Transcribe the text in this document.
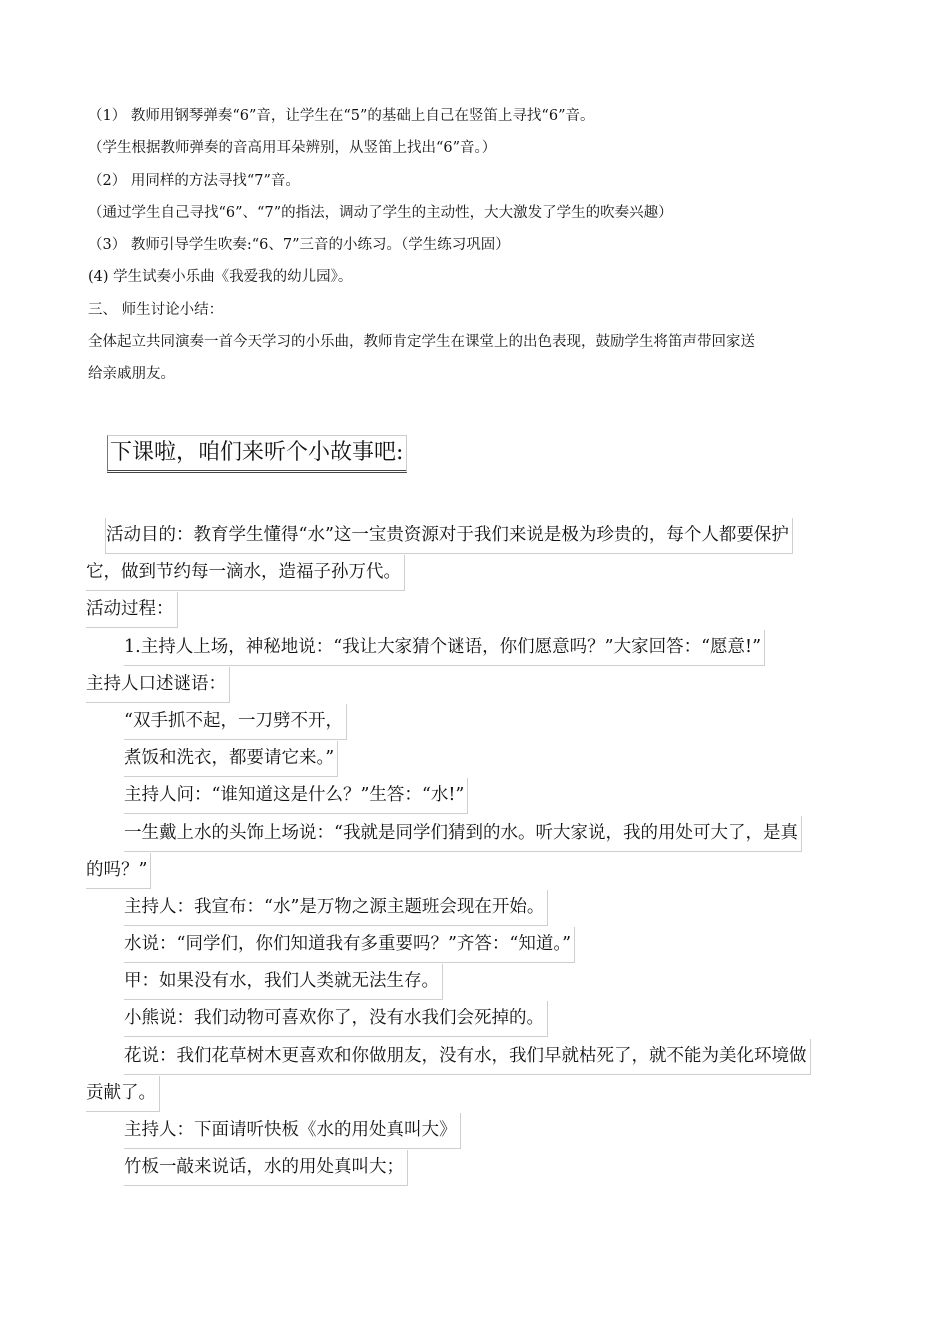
（1） 教师用钢琴弹奏“6”音，让学生在“5”的基础上自己在竖笛上寻找“6”音。

（学生根据教师弹奏的音高用耳朵辨别，从竖笛上找出“6”音。）

（2） 用同样的方法寻找“7”音。

（通过学生自己寻找“6”、“7”的指法，调动了学生的主动性，大大激发了学生的吹奏兴趣）

（3） 教师引导学生吹奏:“6、7”三音的小练习。（学生练习巩固）

(4) 学生试奏小乐曲《我爱我的幼儿园》。

三、 师生讨论小结：

全体起立共同演奏一首今天学习的小乐曲，教师肯定学生在课堂上的出色表现，鼓励学生将笛声带回家送

给亲戚朋友。

下课啦，咱们来听个小故事吧:
活动目的：教育学生懂得“水”这一宝贵资源对于我们来说是极为珍贵的，每个人都要保护
它，做到节约每一滴水，造福子孙万代。
活动过程：
1.主持人上场，神秘地说：“我让大家猜个谜语，你们愿意吗？”大家回答：“愿意!”
主持人口述谜语：
“双手抓不起，一刀劈不开，
煮饭和洗衣，都要请它来。”
主持人问：“谁知道这是什么？”生答：“水!”
一生戴上水的头饰上场说：“我就是同学们猜到的水。听大家说，我的用处可大了，是真
的吗？”
主持人：我宣布：“水”是万物之源主题班会现在开始。
水说：“同学们，你们知道我有多重要吗？”齐答：“知道。”
甲：如果没有水，我们人类就无法生存。
小熊说：我们动物可喜欢你了，没有水我们会死掉的。
花说：我们花草树木更喜欢和你做朋友，没有水，我们早就枯死了，就不能为美化环境做
贡献了。
主持人：下面请听快板《水的用处真叫大》
竹板一敲来说话，水的用处真叫大；
